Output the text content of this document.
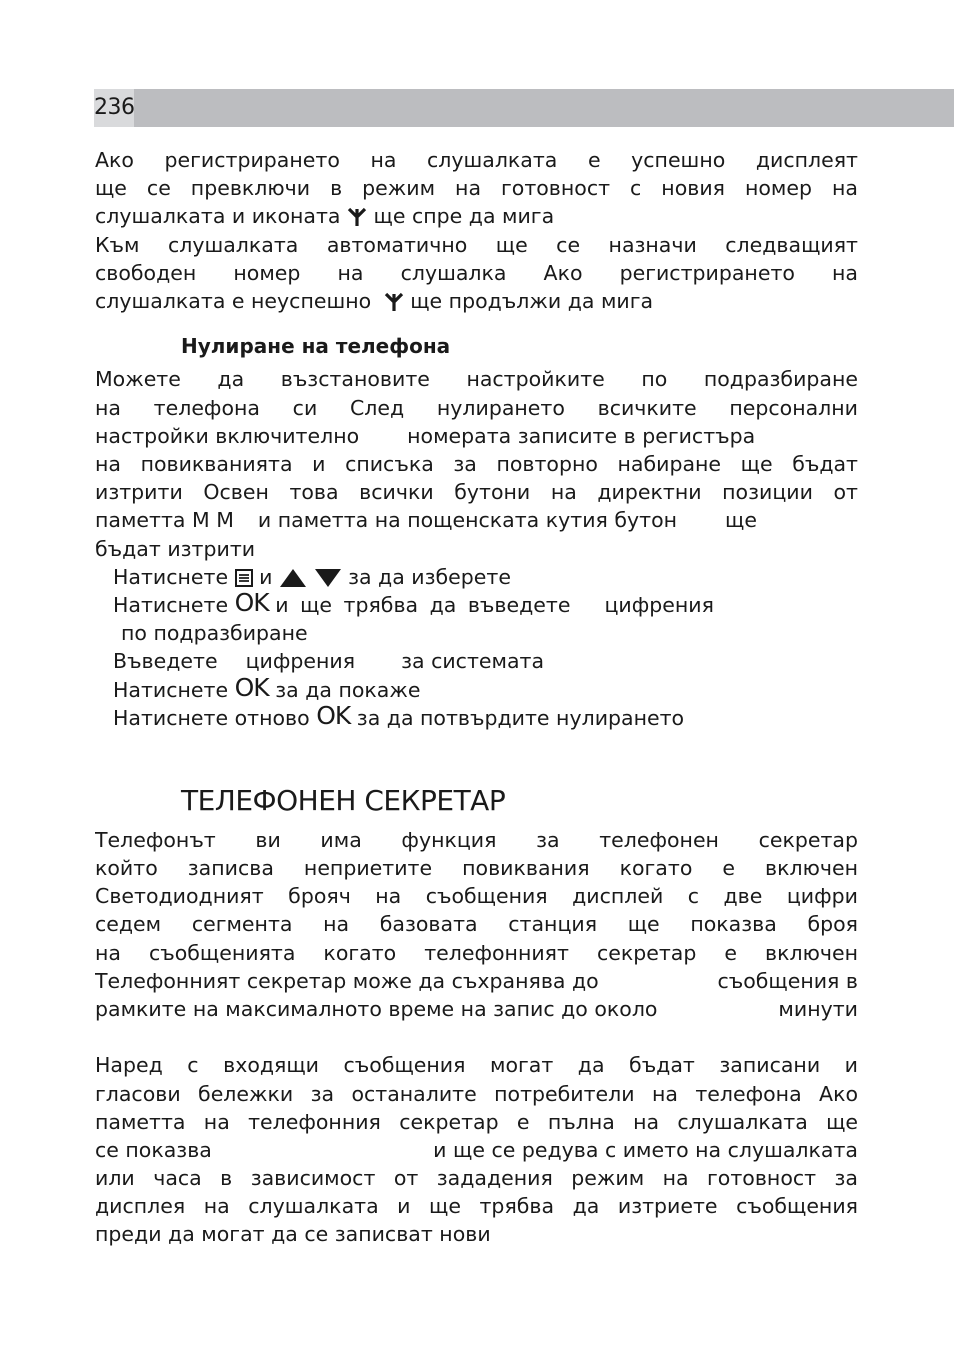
236
Ако регистрирането на слушалката е успешно дисплеят
ще се превключи в режим на готовност с новия номер на
слушалката и иконата ще спре да мига
Към слушалката автоматично ще се назначи следващият
свободен номер на слушалка Ако регистрирането на
слушалката е неуспешно ще продължи да мига
Нулиране на телефона
Можете да възстановите настройките по подразбиране
на телефона си След нулирането всичките персонални
настройки включително номерата записите в регистъра
на повикванията и списъка за повторно набиране ще бъдат
изтрити Освен това всички бутони на директни позиции от
паметта М М и паметта на пощенската кутия бутон ще
бъдат изтрити
Натиснете и	за да изберете
Натиснете OK и ще трябва да въведете цифрения
по подразбиране
Въведете цифрения за системата
Натиснете OK за да покаже
Натиснете отново OK за да потвърдите нулирането
ТЕЛЕФОНЕН СЕКРЕТАР
Телефонът ви има функция за телефонен секретар
който записва неприетите повиквания когато е включен
Светодиодният брояч на съобщения дисплей с две цифри
седем сегмента на базовата станция ще показва броя
на съобщенията когато телефонният секретар е включен
Телефонният секретар може да съхранява до	съобщения в
рамките на максималното време на запис до около	минути
Наред с входящи съобщения могат да бъдат записани и
гласови бележки за останалите потребители на телефона Ако
паметта на телефонния секретар е пълна на слушалката ще
се показва	и ще се редува с името на слушалката
или часа в зависимост от зададения режим на готовност за
дисплея на слушалката и ще трябва да изтриете съобщения
преди да могат да се записват нови
